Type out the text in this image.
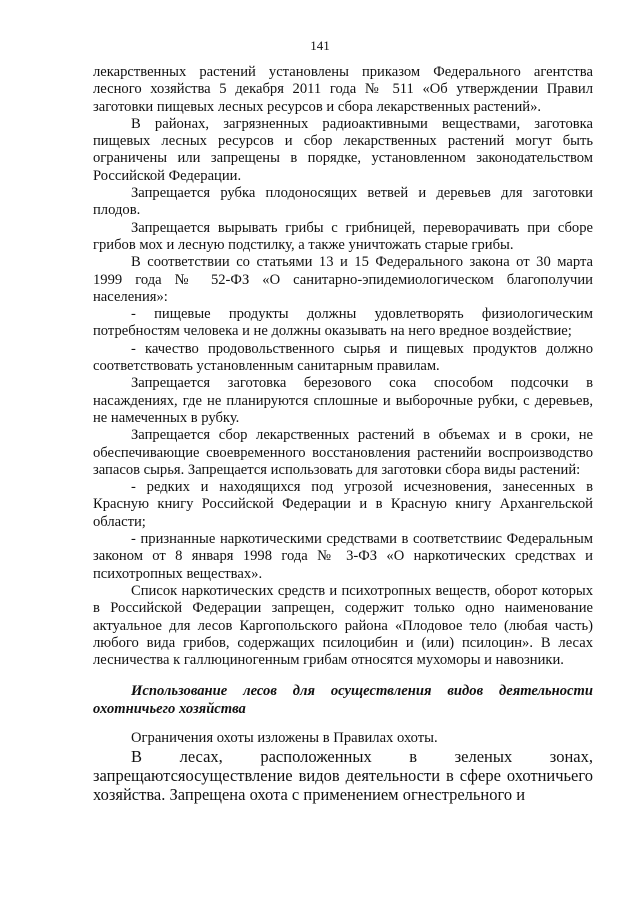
141

лекарственных растений установлены приказом Федерального агентства лесного хозяйства 5 декабря 2011 года № 511 «Об утверждении Правил заготовки пищевых лесных ресурсов и сбора лекарственных растений».

В районах, загрязненных радиоактивными веществами, заготовка пищевых лесных ресурсов и сбор лекарственных растений могут быть ограничены или запрещены в порядке, установленном законодательством Российской Федерации.

Запрещается рубка плодоносящих ветвей и деревьев для заготовки плодов.

Запрещается вырывать грибы с грибницей, переворачивать при сборе грибов мох и лесную подстилку, а также уничтожать старые грибы.

В соответствии со статьями 13 и 15 Федерального закона от 30 марта 1999 года № 52-ФЗ «О санитарно-эпидемиологическом благополучии населения»:

- пищевые продукты должны удовлетворять физиологическим потребностям человека и не должны оказывать на него вредное воздействие;

- качество продовольственного сырья и пищевых продуктов должно соответствовать установленным санитарным правилам.

Запрещается заготовка березового сока способом подсочки в насаждениях, где не планируются сплошные и выборочные рубки, с деревьев, не намеченных в рубку.

Запрещается сбор лекарственных растений в объемах и в сроки, не обеспечивающие своевременного восстановления растенийи воспроизводство запасов сырья. Запрещается использовать для заготовки сбора виды растений:

- редких и находящихся под угрозой исчезновения, занесенных в Красную книгу Российской Федерации и в Красную книгу Архангельской области;

- признанные наркотическими средствами в соответствиис Федеральным законом от 8 января 1998 года № 3-ФЗ «О наркотических средствах и психотропных веществах».

Список наркотических средств и психотропных веществ, оборот которых в Российской Федерации запрещен, содержит только одно наименование актуальное для лесов Каргопольского района «Плодовое тело (любая часть) любого вида грибов, содержащих псилоцибин и (или) псилоцин». В лесах лесничества к галлюциногенным грибам относятся мухоморы и навозники.

Использование лесов для осуществления видов деятельности охотничьего хозяйства

Ограничения охоты изложены в Правилах охоты.

В лесах, расположенных в зеленых зонах, запрещаютсяосуществление видов деятельности в сфере охотничьего хозяйства. Запрещена охота с применением огнестрельного и
